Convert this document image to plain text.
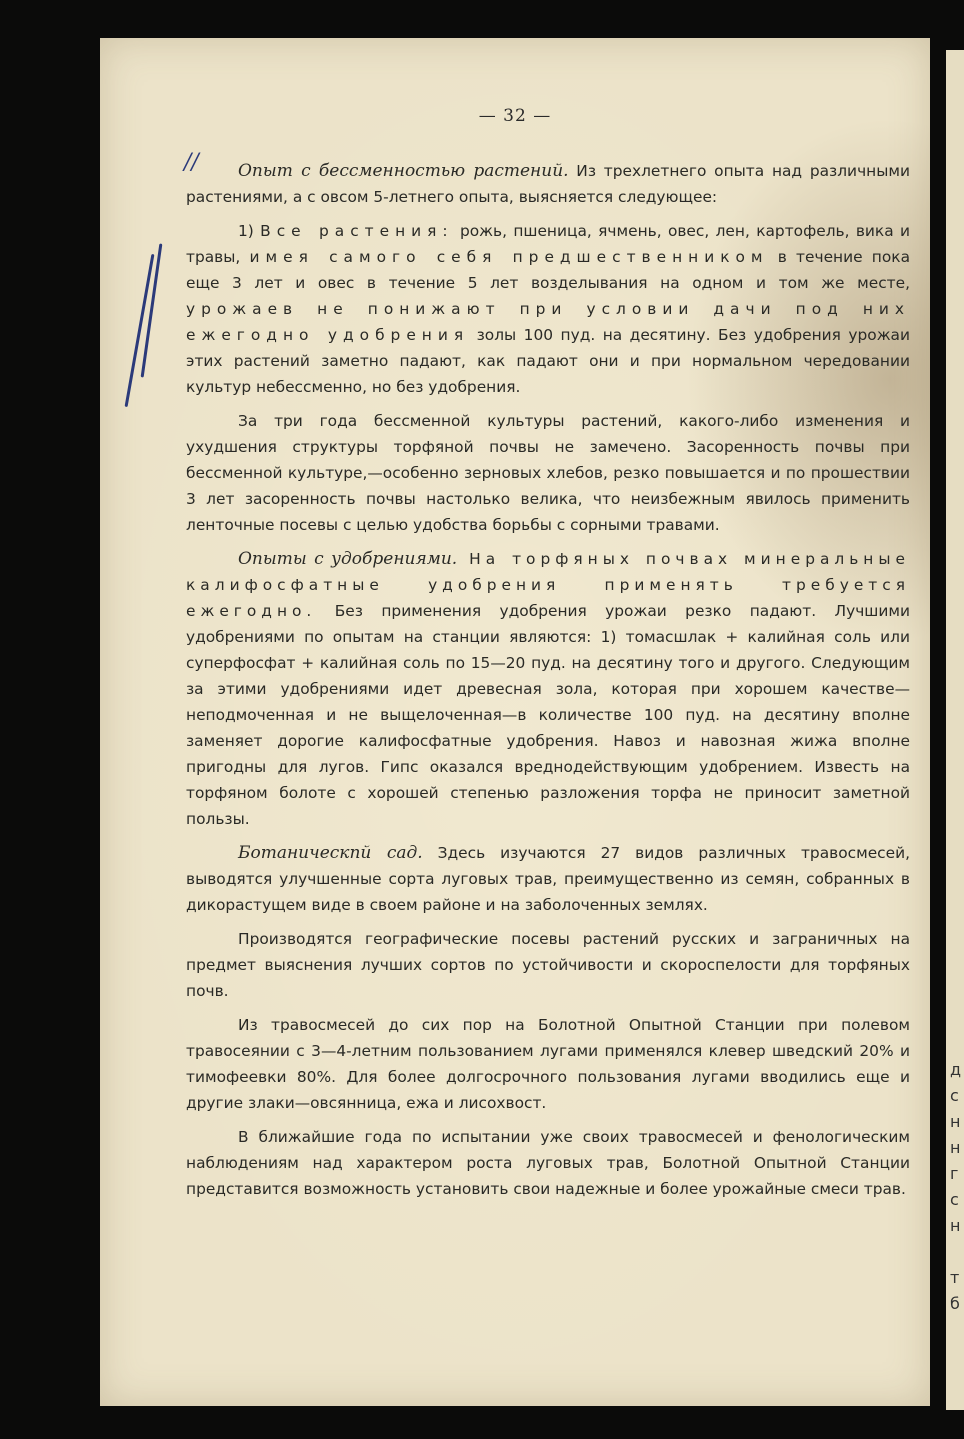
— 32 —
//	Опыт с бессменностью растений. Из трехлетнего опыта над различными растениями, а с овсом 5-летнего опыта, выясняется следующее:

1) Все растения: рожь, пшеница, ячмень, овес, лен, картофель, вика и травы, имея самого себя предшественником в течение пока еще 3 лет и овес в течение 5 лет возделывания на одном и том же месте, урожаев не понижают при условии дачи под них ежегодно удобрения золы 100 пуд. на десятину. Без удобрения урожаи этих растений заметно падают, как падают они и при нормальном чередовании культур небессменно, но без удобрения.

За три года бессменной культуры растений, какого-либо изменения и ухудшения структуры торфяной почвы не замечено. Засоренность почвы при бессменной культуре,—особенно зерновых хлебов, резко повышается и по прошествии 3 лет засоренность почвы настолько велика, что неизбежным явилось применить ленточные посевы с целью удобства борьбы с сорными травами.

Опыты с удобрениями. На торфяных почвах минеральные калифосфатные удобрения применять требуется ежегодно. Без применения удобрения урожаи резко падают. Лучшими удобрениями по опытам на станции являются: 1) томасшлак + калийная соль или суперфосфат + калийная соль по 15—20 пуд. на десятину того и другого. Следующим за этими удобрениями идет древесная зола, которая при хорошем качестве—неподмоченная и не выщелоченная—в количестве 100 пуд. на десятину вполне заменяет дорогие калифосфатные удобрения. Навоз и навозная жижа вполне пригодны для лугов. Гипс оказался вреднодействующим удобрением. Известь на торфяном болоте с хорошей степенью разложения торфа не приносит заметной пользы.

Ботаническпй сад. Здесь изучаются 27 видов различных травосмесей, выводятся улучшенные сорта луговых трав, преимущественно из семян, собранных в дикорастущем виде в своем районе и на заболоченных землях.

Производятся географические посевы растений русских и заграничных на предмет выяснения лучших сортов по устойчивости и скороспелости для торфяных почв.

Из травосмесей до сих пор на Болотной Опытной Станции при полевом травосеянии с 3—4-летним пользованием лугами применялся клевер шведский 20% и тимофеевки 80%. Для более долгосрочного пользования лугами вводились еще и другие злаки—овсянница, ежа и лисохвост.

В ближайшие года по испытании уже своих травосмесей и фенологическим наблюдениям над характером роста луговых трав, Болотной Опытной Станции представится возможность установить свои надежные и более урожайные смеси трав.

д
с
н
н
г
с
н
т
б
